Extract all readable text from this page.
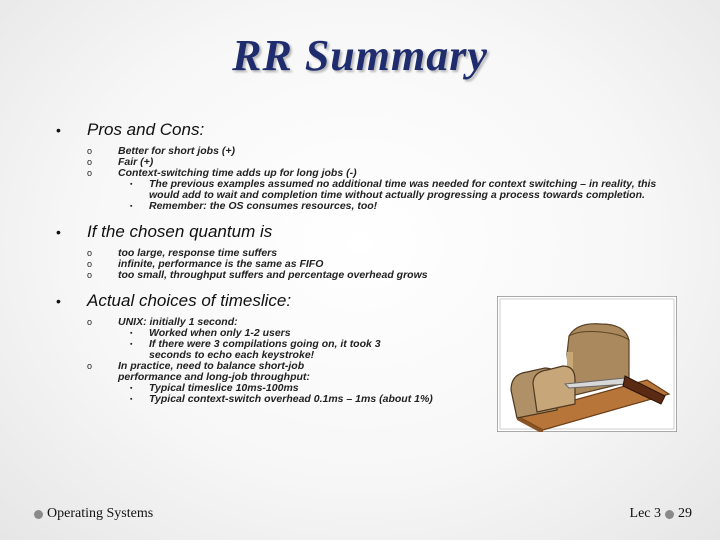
RR Summary
• Pros and Cons:
o Better for short jobs (+)
o Fair (+)
o Context-switching time adds up for long jobs (-)
▪ The previous examples assumed no additional time was needed for context switching – in reality, this would add to wait and completion time without actually progressing a process towards completion.
▪ Remember: the OS consumes resources, too!
• If the chosen quantum is
o too large, response time suffers
o infinite, performance is the same as FIFO
o too small, throughput suffers and percentage overhead grows
• Actual choices of timeslice:
o UNIX: initially 1 second:
▪ Worked when only 1-2 users
▪ If there were 3 compilations going on, it took 3 seconds to echo each keystroke!
o In practice, need to balance short-job performance and long-job throughput:
▪ Typical timeslice 10ms-100ms
▪ Typical context-switch overhead 0.1ms – 1ms (about 1%)
Operating Systems	Lec 3 29
